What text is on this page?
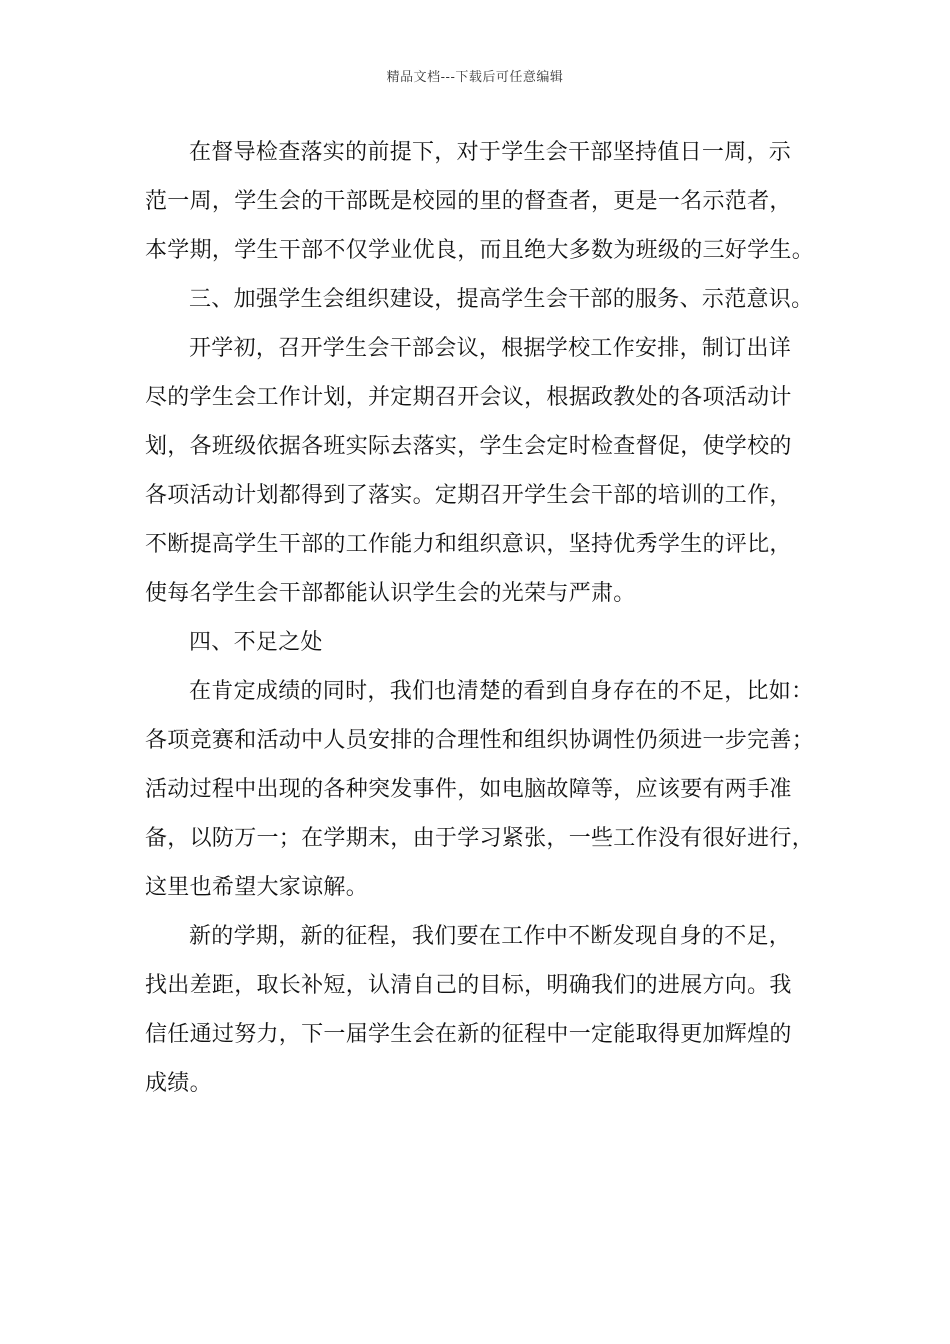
精品文档---下载后可任意编辑
在督导检查落实的前提下，对于学生会干部坚持值日一周，示
范一周，学生会的干部既是校园的里的督查者，更是一名示范者，
本学期，学生干部不仅学业优良，而且绝大多数为班级的三好学生。
三、加强学生会组织建设，提高学生会干部的服务、示范意识。
开学初，召开学生会干部会议，根据学校工作安排，制订出详
尽的学生会工作计划，并定期召开会议，根据政教处的各项活动计
划，各班级依据各班实际去落实，学生会定时检查督促，使学校的
各项活动计划都得到了落实。定期召开学生会干部的培训的工作，
不断提高学生干部的工作能力和组织意识，坚持优秀学生的评比，
使每名学生会干部都能认识学生会的光荣与严肃。
四、不足之处
在肯定成绩的同时，我们也清楚的看到自身存在的不足，比如：
各项竞赛和活动中人员安排的合理性和组织协调性仍须进一步完善；
活动过程中出现的各种突发事件，如电脑故障等，应该要有两手准
备，以防万一；在学期末，由于学习紧张，一些工作没有很好进行，
这里也希望大家谅解。
新的学期，新的征程，我们要在工作中不断发现自身的不足，
找出差距，取长补短，认清自己的目标，明确我们的进展方向。我
信任通过努力，下一届学生会在新的征程中一定能取得更加辉煌的
成绩。
